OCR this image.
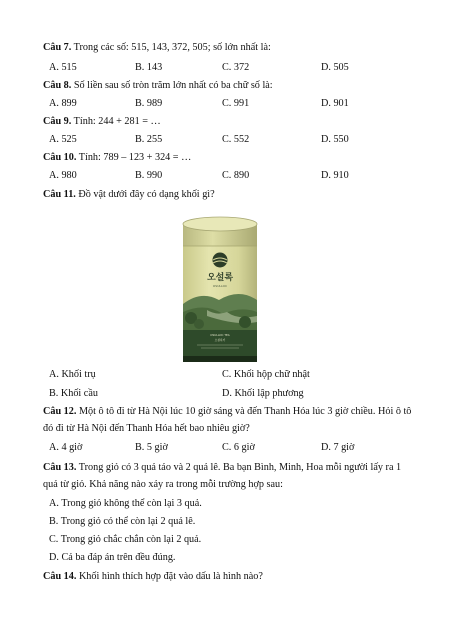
Câu 7. Trong các số: 515, 143, 372, 505; số lớn nhất là:
A. 515	B. 143	C. 372	D. 505
Câu 8. Số liền sau số tròn trăm lớn nhất có ba chữ số là:
A. 899	B. 989	C. 991	D. 901
Câu 9. Tính: 244 + 281 = …
A. 525	B. 255	C. 552	D. 550
Câu 10. Tính: 789 – 123 + 324 = …
A. 980	B. 990	C. 890	D. 910
Câu 11. Đồ vật dưới đây có dạng khối gì?
오설록
OSULLOC
OSULLOC TEA
오설록티
A. Khối trụ	C. Khối hộp chữ nhật
B. Khối cầu	D. Khối lập phương
Câu 12. Một ô tô đi từ Hà Nội lúc 10 giờ sáng và đến Thanh Hóa lúc 3 giờ chiều. Hỏi ô tô đó đi từ Hà Nội đến Thanh Hóa hết bao nhiêu giờ?
A. 4 giờ	B. 5 giờ	C. 6 giờ	D. 7 giờ
Câu 13. Trong giỏ có 3 quả táo và 2 quả lê. Ba bạn Bình, Minh, Hoa mỗi người lấy ra 1 quả từ giỏ. Khả năng nào xảy ra trong mỗi trường hợp sau:
A. Trong giỏ không thể còn lại 3 quả.
B. Trong giỏ có thể còn lại 2 quả lê.
C. Trong giỏ chắc chắn còn lại 2 quả.
D. Cả ba đáp án trên đều đúng.
Câu 14. Khối hình thích hợp đặt vào dấu là hình nào?
